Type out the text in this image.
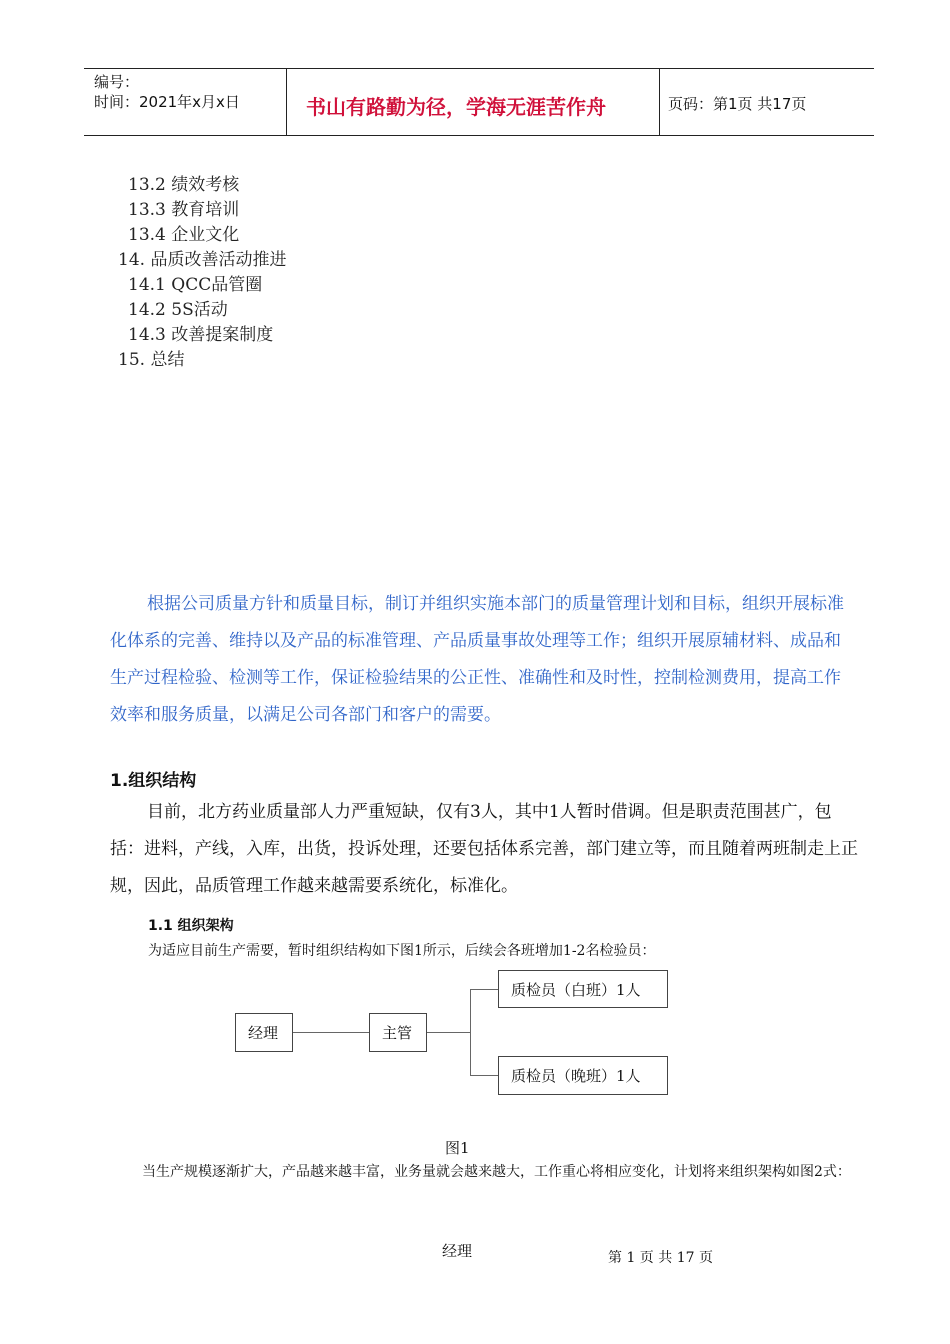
编号：
时间：2021年x月x日	书山有路勤为径，学海无涯苦作舟	页码：第1页 共17页
13.2 绩效考核
13.3 教育培训
13.4 企业文化
14. 品质改善活动推进
14.1 QCC品管圈
14.2 5S活动
14.3 改善提案制度
15. 总结
根据公司质量方针和质量目标，制订并组织实施本部门的质量管理计划和目标，组织开展标准化体系的完善、维持以及产品的标准管理、产品质量事故处理等工作；组织开展原辅材料、成品和生产过程检验、检测等工作，保证检验结果的公正性、准确性和及时性，控制检测费用，提高工作效率和服务质量，以满足公司各部门和客户的需要。
1.组织结构
目前，北方药业质量部人力严重短缺，仅有3人，其中1人暂时借调。但是职责范围甚广，包括：进料，产线，入库，出货，投诉处理，还要包括体系完善，部门建立等，而且随着两班制走上正规，因此，品质管理工作越来越需要系统化，标准化。
1.1 组织架构
为适应目前生产需要，暂时组织结构如下图1所示，后续会各班增加1-2名检验员：
经理	主管
质检员（白班）1人
质检员（晚班）1人
图1
当生产规模逐渐扩大，产品越来越丰富，业务量就会越来越大，工作重心将相应变化，计划将来组织架构如图2式：
经理	第 1 页 共 17 页
